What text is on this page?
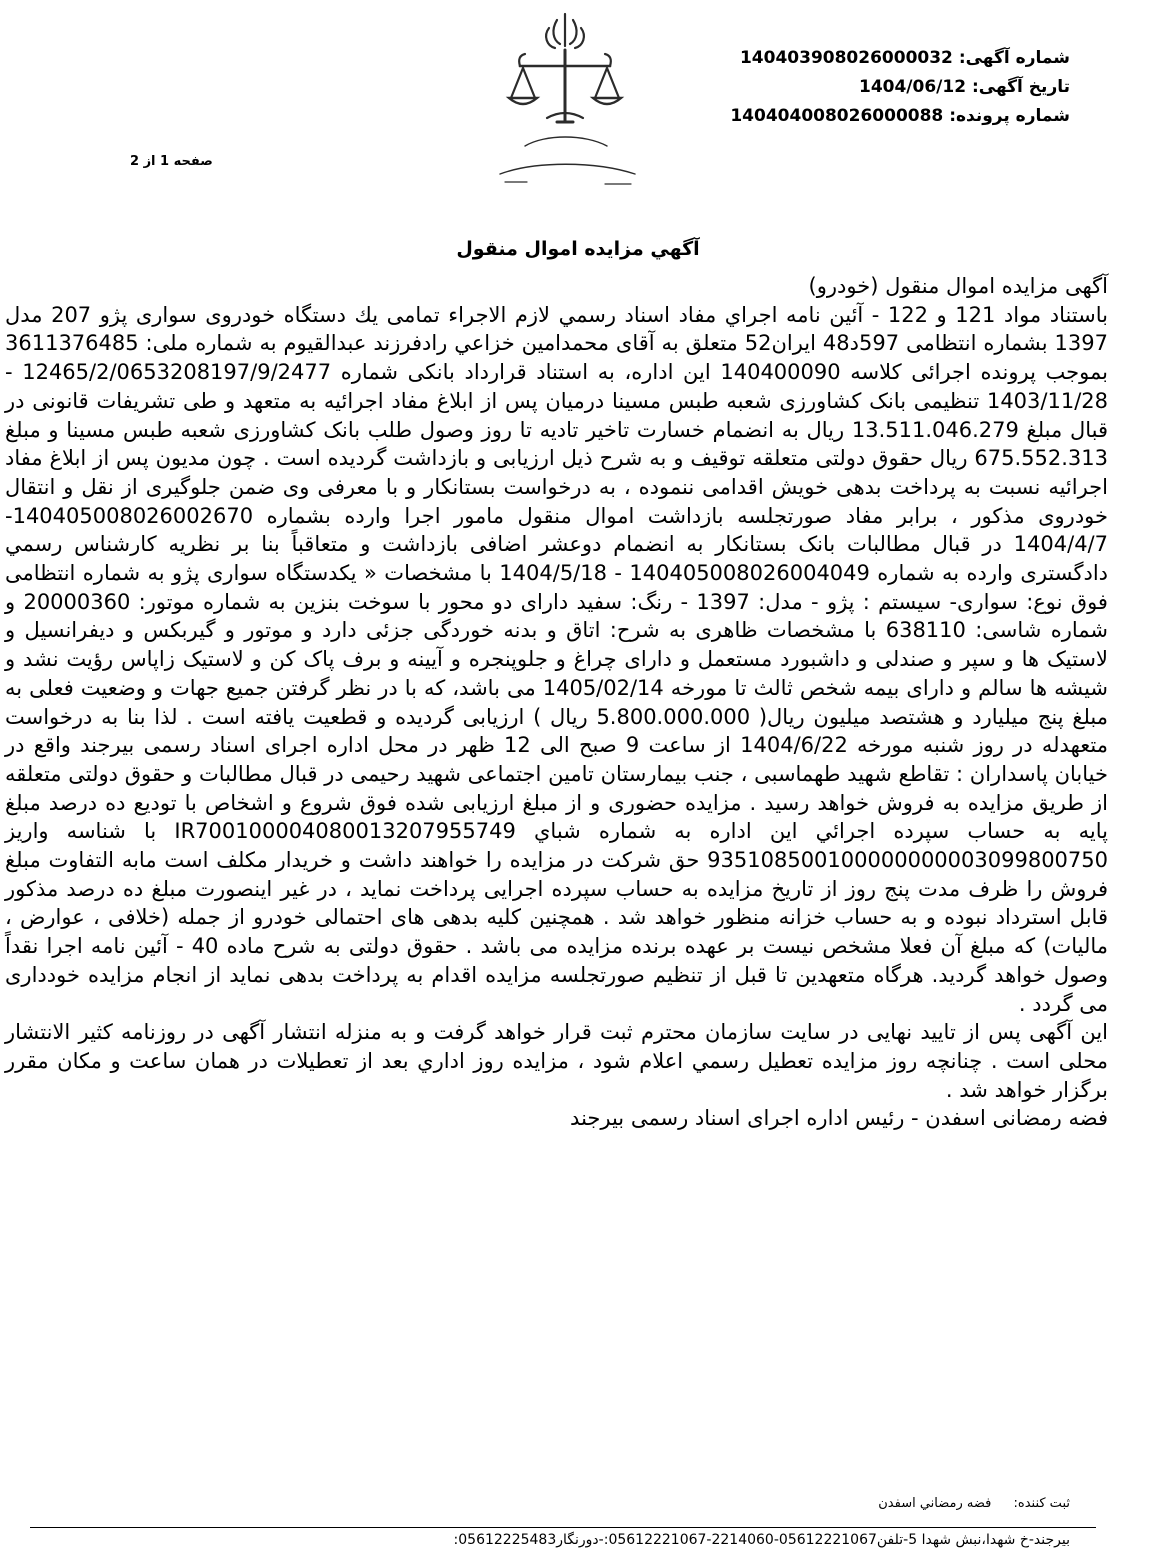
شماره آگهی: 14040390802600003​2
تاریخ آگهی: 1404/06/12
شماره پرونده: 140404008026000088
صفحه 1 از 2
آگهي مزايده اموال منقول

آگهی مزایده اموال منقول (خودرو)

باستناد مواد 121 و 122 - آئین نامه اجراي مفاد اسناد رسمي لازم الاجراء تمامی يك دستگاه خودروی سواری پژو 207 مدل 1397 بشماره انتظامی 597د48 ایران52 متعلق به آقای محمدامین خزاعي رادفرزند عبدالقيوم به شماره ملی: 3611376485 بموجب پرونده اجرائی کلاسه 140400090 این اداره، به استناد قرارداد بانکی شماره 12465/2/0653208197/9/2477 - 1403/11/28 تنظیمی بانک کشاورزی شعبه طبس مسینا درمیان پس از ابلاغ مفاد اجرائیه به متعهد و طی تشریفات قانونی در قبال مبلغ 13.511.046.279 ریال به انضمام خسارت تاخیر تادیه تا روز وصول طلب بانک کشاورزی شعبه طبس مسینا و مبلغ 675.552.313 ریال حقوق دولتی متعلقه توقیف و به شرح ذیل ارزیابی و بازداشت گردیده است . چون مدیون پس از ابلاغ مفاد اجرائیه نسبت به پرداخت بدهی خویش اقدامی ننموده ، به درخواست بستانکار و با معرفی وی ضمن جلوگیری از نقل و انتقال خودروی مذکور ، برابر مفاد صورتجلسه بازداشت اموال منقول مامور اجرا وارده بشماره 140405008026002670- 1404/4/7 در قبال مطالبات بانک بستانکار به انضمام دوعشر اضافی بازداشت و متعاقباً بنا بر نظريه کارشناس رسمي دادگستری وارده به شماره 140405008026004049 - 1404/5/18 با مشخصات « يكدستگاه سواری پژو به شماره انتظامی فوق نوع: سواری- سیستم : پژو - مدل: 1397 - رنگ: سفید دارای دو محور با سوخت بنزین به شماره موتور: 20000360 و شماره شاسی: 638110 با مشخصات ظاهری به شرح: اتاق و بدنه خوردگی جزئی دارد و موتور و گیربکس و دیفرانسیل و لاستیک ها و سپر و صندلی و داشبورد مستعمل و دارای چراغ و جلوپنجره و آیینه و برف پاک کن و لاستیک زاپاس رؤیت نشد و شیشه ها سالم و دارای بیمه شخص ثالث تا مورخه 1405/02/14 می باشد، که با در نظر گرفتن جمیع جهات و وضعیت فعلی به مبلغ پنج میلیارد و هشتصد میلیون ریال( 5.800.000.000 ریال ) ارزیابی گردیده و قطعیت یافته است . لذا بنا به درخواست متعهدله در روز شنبه مورخه 1404/6/22 از ساعت 9 صبح الی 12 ظهر در محل اداره اجرای اسناد رسمی بیرجند واقع در خیابان پاسداران : تقاطع شهید طهماسبی ، جنب بیمارستان تامین اجتماعی شهید رحیمی در قبال مطالبات و حقوق دولتی متعلقه از طریق مزایده به فروش خواهد رسید . مزایده حضوری و از مبلغ ارزیابی شده فوق شروع و اشخاص با توديع ده درصد مبلغ پايه به حساب سپرده اجرائي اين اداره به شماره شباي IR700100004080013207955749 با شناسه واريز 935108500100000000003099800750 حق شرکت در مزايده را خواهند داشت و خريدار مكلف است مابه التفاوت مبلغ فروش را ظرف مدت پنج روز از تاريخ مزايده به حساب سپرده اجرايی پرداخت نمايد ، در غير اينصورت مبلغ ده درصد مذکور قابل استرداد نبوده و به حساب خزانه منظور خواهد شد . همچنین کلیه بدهی های احتمالی خودرو از جمله (خلافی ، عوارض ، مالیات) که مبلغ آن فعلا مشخص نیست بر عهده برنده مزایده می باشد . حقوق دولتی به شرح ماده 40 - آئین نامه اجرا نقداً وصول خواهد گردید. هرگاه متعهدین تا قبل از تنظیم صورتجلسه مزایده اقدام به پرداخت بدهی نماید از انجام مزایده خودداری می گردد .

این آگهی پس از تایید نهایی در سایت سازمان محترم ثبت قرار خواهد گرفت و به منزله انتشار آگهی در روزنامه کثير الانتشار محلی است . چنانچه روز مزايده تعطيل رسمي اعلام شود ، مزايده روز اداري بعد از تعطيلات در همان ساعت و مکان مقرر برگزار خواهد شد .

فضه رمضانی اسفدن - رئیس اداره اجرای اسناد رسمی بیرجند

ثبت کننده: فضه رمضاني اسفدن
بیرجند-خ شهدا،نبش شهدا 5-تلفن05612221067-2214060-05612221067:-دورنگار05612225483:
